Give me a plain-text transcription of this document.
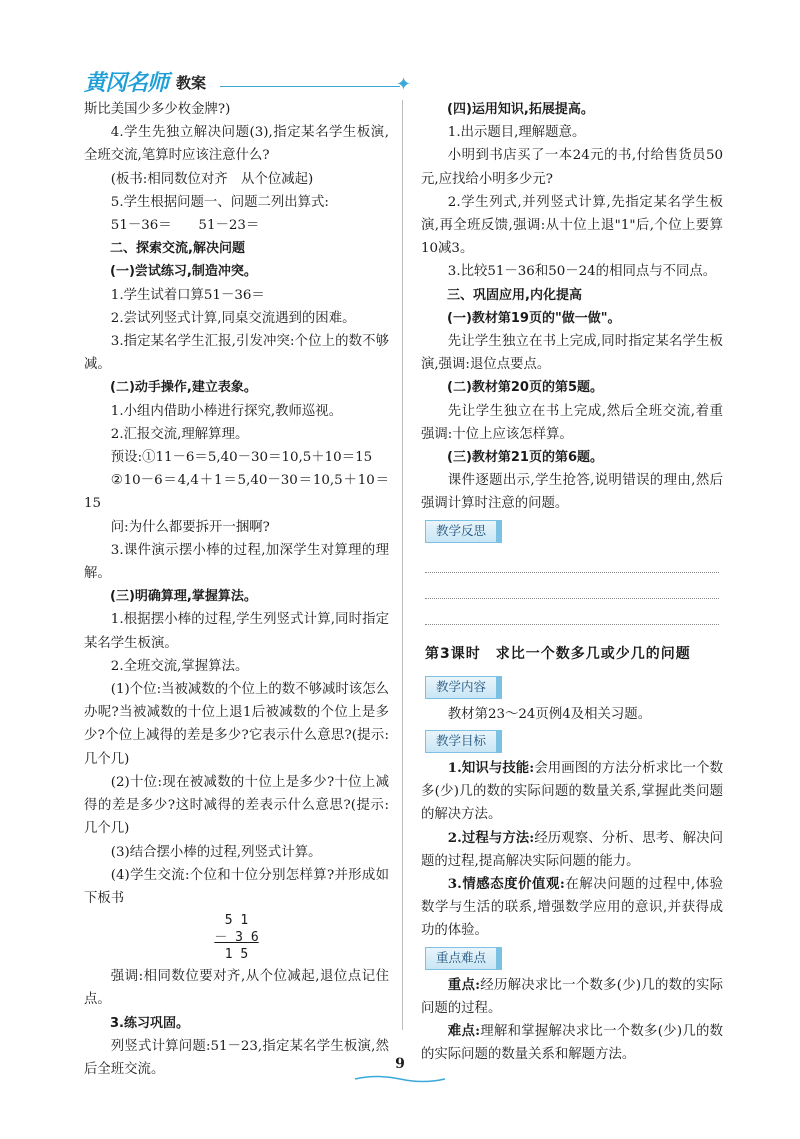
黄冈名师 教案	✦

斯比美国少多少枚金牌?)

4.学生先独立解决问题(3),指定某名学生板演,全班交流,笔算时应该注意什么?

(板书:相同数位对齐　从个位减起)

5.学生根据问题一、问题二列出算式:

51－36＝　　51－23＝

二、探索交流,解决问题

(一)尝试练习,制造冲突。

1.学生试着口算51－36＝

2.尝试列竖式计算,同桌交流遇到的困难。

3.指定某名学生汇报,引发冲突:个位上的数不够减。

(二)动手操作,建立表象。

1.小组内借助小棒进行探究,教师巡视。

2.汇报交流,理解算理。

预设:①11－6＝5,40－30＝10,5＋10＝15

②10－6＝4,4＋1＝5,40－30＝10,5＋10＝15

问:为什么都要拆开一捆啊?

3.课件演示摆小棒的过程,加深学生对算理的理解。

(三)明确算理,掌握算法。

1.根据摆小棒的过程,学生列竖式计算,同时指定某名学生板演。

2.全班交流,掌握算法。

(1)个位:当被减数的个位上的数不够减时该怎么办呢?当被减数的十位上退1后被减数的个位上是多少?个位上减得的差是多少?它表示什么意思?(提示:几个几)

(2)十位:现在被减数的十位上是多少?十位上减得的差是多少?这时减得的差表示什么意思?(提示:几个几)

(3)结合摆小棒的过程,列竖式计算。

(4)学生交流:个位和十位分别怎样算?并形成如下板书

5 1
－ 3 6
1 5

强调:相同数位要对齐,从个位减起,退位点记住点。

3.练习巩固。

列竖式计算问题:51－23,指定某名学生板演,然后全班交流。

(四)运用知识,拓展提高。

1.出示题目,理解题意。

小明到书店买了一本24元的书,付给售货员50元,应找给小明多少元?

2.学生列式,并列竖式计算,先指定某名学生板演,再全班反馈,强调:从十位上退"1"后,个位上要算10减3。

3.比较51－36和50－24的相同点与不同点。

三、巩固应用,内化提高

(一)教材第19页的"做一做"。

先让学生独立在书上完成,同时指定某名学生板演,强调:退位点要点。

(二)教材第20页的第5题。

先让学生独立在书上完成,然后全班交流,着重强调:十位上应该怎样算。

(三)教材第21页的第6题。

课件逐题出示,学生抢答,说明错误的理由,然后强调计算时注意的问题。

教学反思
第3课时　求比一个数多几或少几的问题
教学内容

教材第23～24页例4及相关习题。

教学目标

1.知识与技能:会用画图的方法分析求比一个数多(少)几的数的实际问题的数量关系,掌握此类问题的解决方法。

2.过程与方法:经历观察、分析、思考、解决问题的过程,提高解决实际问题的能力。

3.情感态度价值观:在解决问题的过程中,体验数学与生活的联系,增强数学应用的意识,并获得成功的体验。

重点难点

重点:经历解决求比一个数多(少)几的数的实际问题的过程。

难点:理解和掌握解决求比一个数多(少)几的数的实际问题的数量关系和解题方法。

9
